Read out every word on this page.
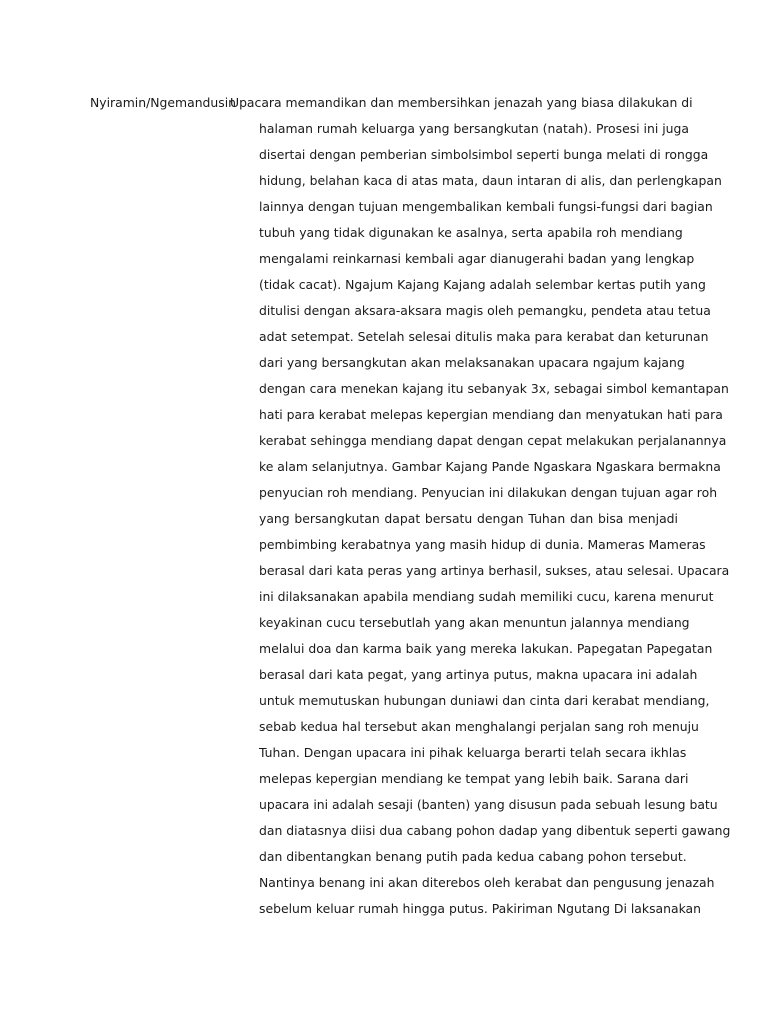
Nyiramin/Ngemandusin

Upacara memandikan dan membersihkan jenazah yang biasa dilakukan di
halaman rumah keluarga yang bersangkutan (natah). Prosesi ini juga
disertai dengan pemberian simbolsimbol seperti bunga melati di rongga
hidung, belahan kaca di atas mata, daun intaran di alis, dan perlengkapan
lainnya dengan tujuan mengembalikan kembali fungsi-fungsi dari bagian
tubuh yang tidak digunakan ke asalnya, serta apabila roh mendiang
mengalami reinkarnasi kembali agar dianugerahi badan yang lengkap
(tidak cacat). Ngajum Kajang Kajang adalah selembar kertas putih yang
ditulisi dengan aksara-aksara magis oleh pemangku, pendeta atau tetua
adat setempat. Setelah selesai ditulis maka para kerabat dan keturunan
dari yang bersangkutan akan melaksanakan upacara ngajum kajang
dengan cara menekan kajang itu sebanyak 3x, sebagai simbol kemantapan
hati para kerabat melepas kepergian mendiang dan menyatukan hati para
kerabat sehingga mendiang dapat dengan cepat melakukan perjalanannya
ke alam selanjutnya. Gambar Kajang Pande Ngaskara Ngaskara bermakna
penyucian roh mendiang. Penyucian ini dilakukan dengan tujuan agar roh
yang bersangkutan dapat bersatu dengan Tuhan dan bisa menjadi
pembimbing kerabatnya yang masih hidup di dunia. Mameras Mameras
berasal dari kata peras yang artinya berhasil, sukses, atau selesai. Upacara
ini dilaksanakan apabila mendiang sudah memiliki cucu, karena menurut
keyakinan cucu tersebutlah yang akan menuntun jalannya mendiang
melalui doa dan karma baik yang mereka lakukan. Papegatan Papegatan
berasal dari kata pegat, yang artinya putus, makna upacara ini adalah
untuk memutuskan hubungan duniawi dan cinta dari kerabat mendiang,
sebab kedua hal tersebut akan menghalangi perjalan sang roh menuju
Tuhan. Dengan upacara ini pihak keluarga berarti telah secara ikhlas
melepas kepergian mendiang ke tempat yang lebih baik. Sarana dari
upacara ini adalah sesaji (banten) yang disusun pada sebuah lesung batu
dan diatasnya diisi dua cabang pohon dadap yang dibentuk seperti gawang
dan dibentangkan benang putih pada kedua cabang pohon tersebut.
Nantinya benang ini akan diterebos oleh kerabat dan pengusung jenazah
sebelum keluar rumah hingga putus. Pakiriman Ngutang Di laksanakan
